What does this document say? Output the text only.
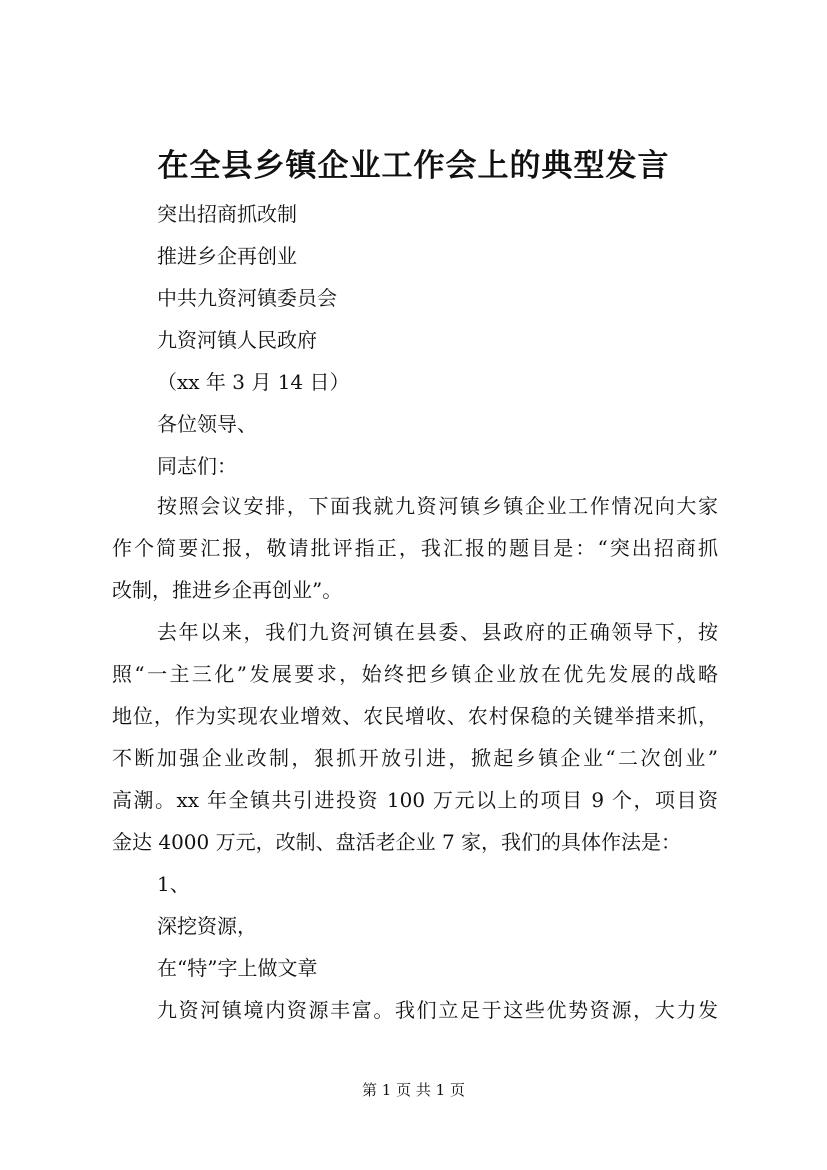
在全县乡镇企业工作会上的典型发言
突出招商抓改制
推进乡企再创业
中共九资河镇委员会
九资河镇人民政府
（xx 年 3 月 14 日）
各位领导、
同志们：
按照会议安排，下面我就九资河镇乡镇企业工作情况向大家
作个简要汇报，敬请批评指正，我汇报的题目是：“突出招商抓
改制，推进乡企再创业”。
去年以来，我们九资河镇在县委、县政府的正确领导下，按
照“一主三化”发展要求，始终把乡镇企业放在优先发展的战略
地位，作为实现农业增效、农民增收、农村保稳的关键举措来抓，
不断加强企业改制，狠抓开放引进，掀起乡镇企业“二次创业”
高潮。xx 年全镇共引进投资 100 万元以上的项目 9 个，项目资
金达 4000 万元，改制、盘活老企业 7 家，我们的具体作法是：
1、
深挖资源，
在“特”字上做文章
九资河镇境内资源丰富。我们立足于这些优势资源，大力发
第 1 页 共 1 页
